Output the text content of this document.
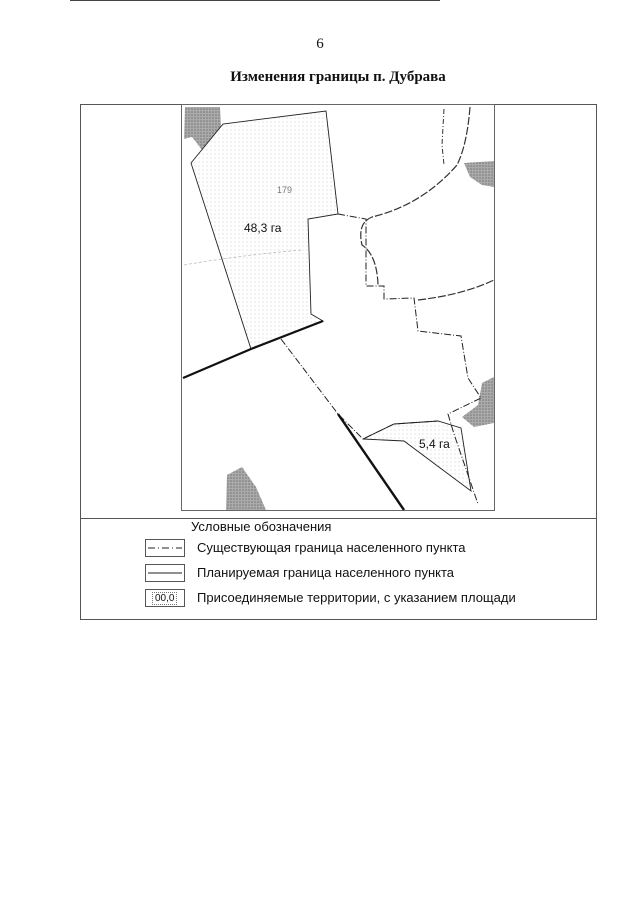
6
Изменения границы п. Дубрава
48,3 га
5,4 га
179
Условные обозначения
Существующая граница населенного пункта
Планируемая граница населенного пункта
00,0 Присоединяемые территории, с указанием площади
